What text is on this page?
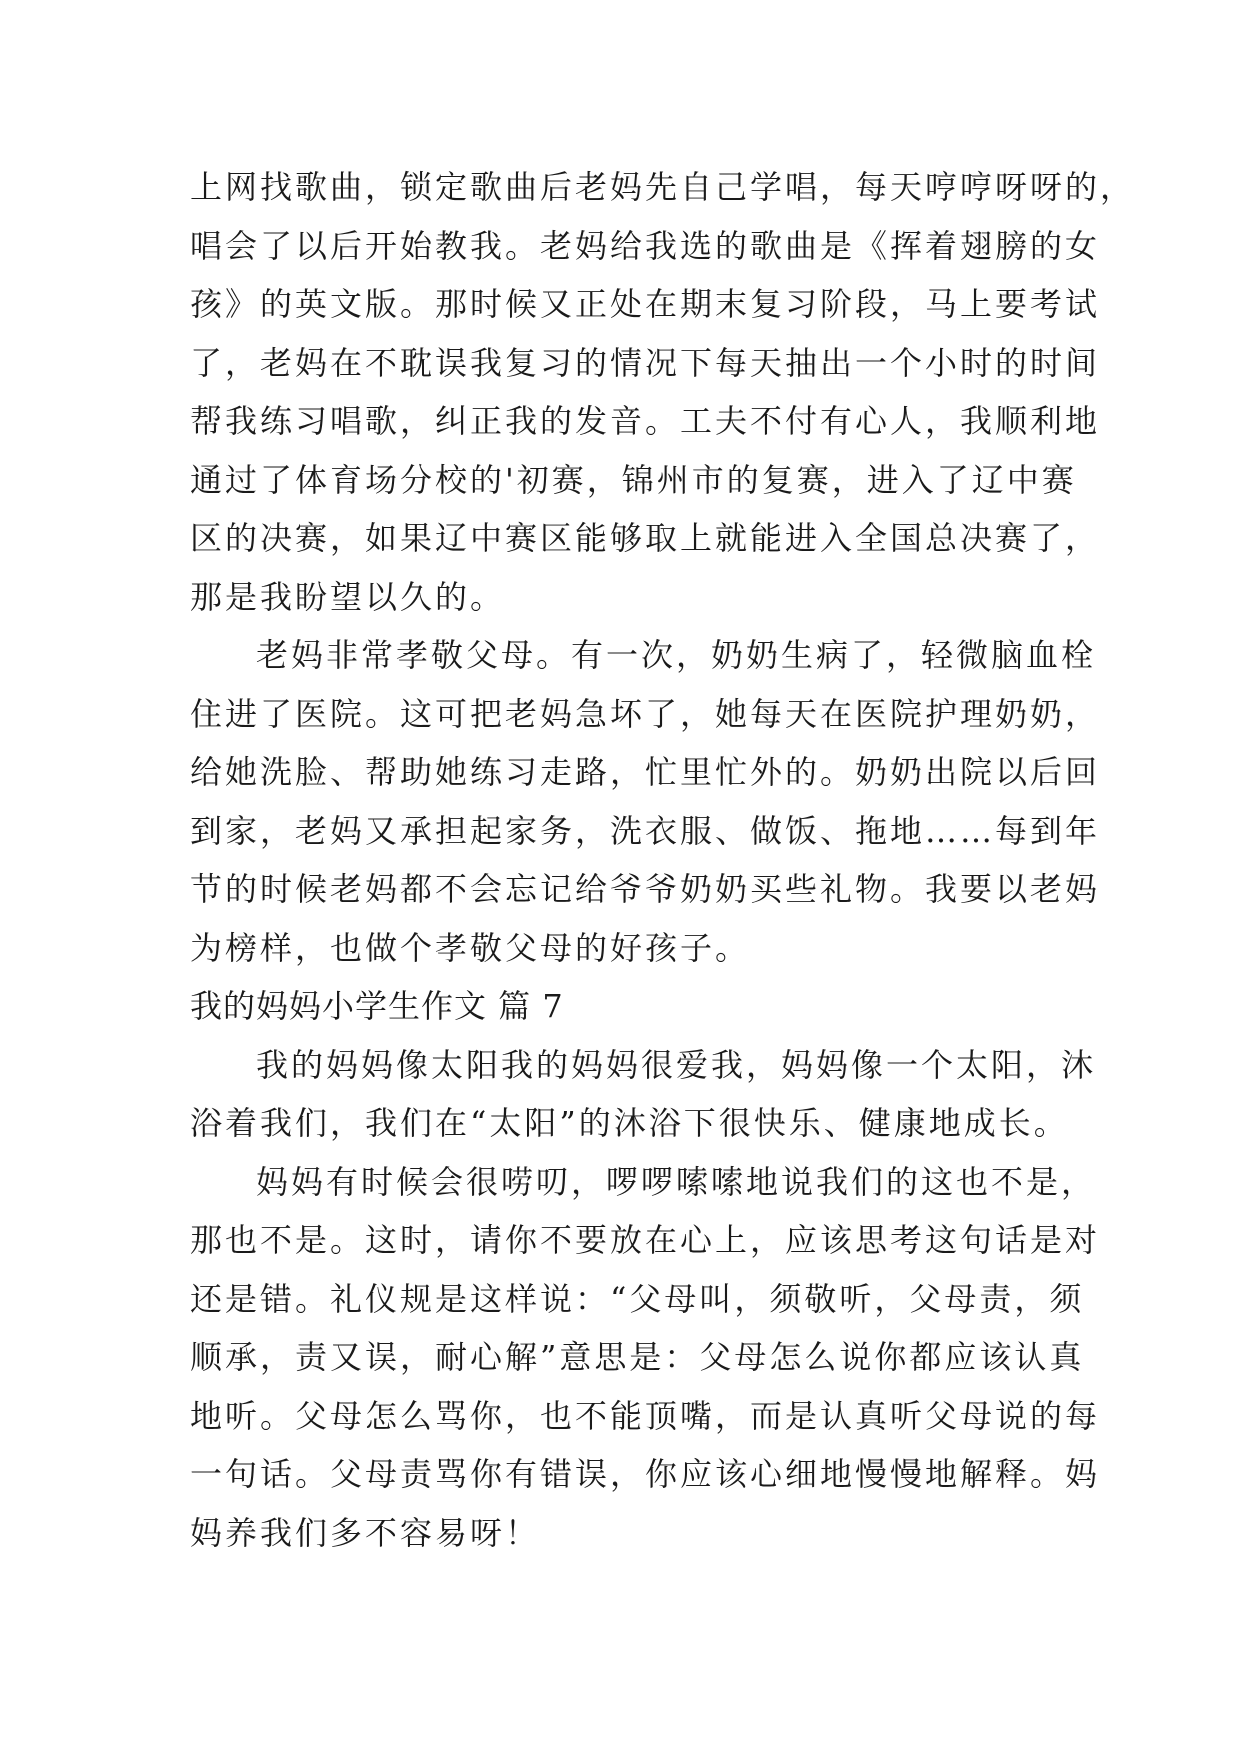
上网找歌曲，锁定歌曲后老妈先自己学唱，每天哼哼呀呀的，
唱会了以后开始教我。老妈给我选的歌曲是《挥着翅膀的女
孩》的英文版。那时候又正处在期末复习阶段，马上要考试
了，老妈在不耽误我复习的情况下每天抽出一个小时的时间
帮我练习唱歌，纠正我的发音。工夫不付有心人，我顺利地
通过了体育场分校的'初赛，锦州市的复赛，进入了辽中赛
区的决赛，如果辽中赛区能够取上就能进入全国总决赛了，
那是我盼望以久的。
老妈非常孝敬父母。有一次，奶奶生病了，轻微脑血栓
住进了医院。这可把老妈急坏了，她每天在医院护理奶奶，
给她洗脸、帮助她练习走路，忙里忙外的。奶奶出院以后回
到家，老妈又承担起家务，洗衣服、做饭、拖地……每到年
节的时候老妈都不会忘记给爷爷奶奶买些礼物。我要以老妈
为榜样，也做个孝敬父母的好孩子。
我的妈妈小学生作文 篇 7
我的妈妈像太阳我的妈妈很爱我，妈妈像一个太阳，沐
浴着我们，我们在“太阳”的沐浴下很快乐、健康地成长。
妈妈有时候会很唠叨，啰啰嗦嗦地说我们的这也不是，
那也不是。这时，请你不要放在心上，应该思考这句话是对
还是错。礼仪规是这样说：“父母叫，须敬听，父母责，须
顺承，责又误，耐心解”意思是：父母怎么说你都应该认真
地听。父母怎么骂你，也不能顶嘴，而是认真听父母说的每
一句话。父母责骂你有错误，你应该心细地慢慢地解释。妈
妈养我们多不容易呀！
